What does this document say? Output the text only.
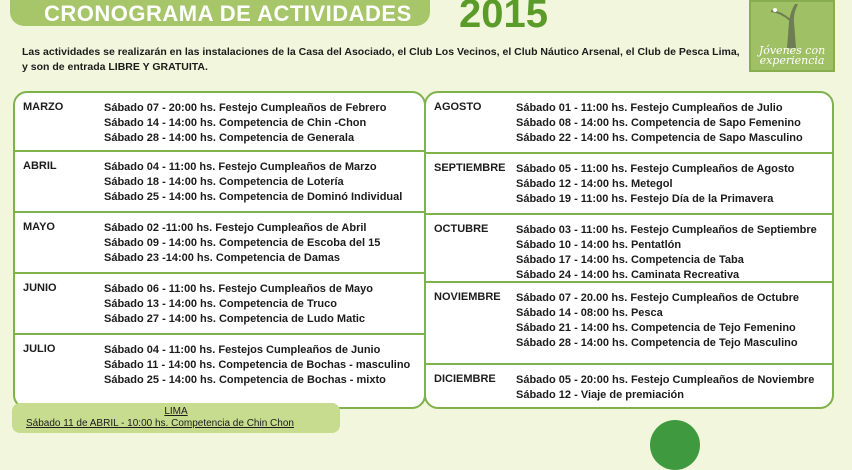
CRONOGRAMA DE ACTIVIDADES 2015
Jóvenes con
experiencia
Las actividades se realizarán en las instalaciones de la Casa del Asociado, el Club Los Vecinos, el Club Náutico Arsenal, el Club de Pesca Lima,
y son de entrada LIBRE Y GRATUITA.
MARZO	Sábado 07 - 20:00 hs. Festejo Cumpleaños de Febrero
Sábado 14 - 14:00 hs. Competencia de Chin -Chon
Sábado 28 - 14:00 hs. Competencia de Generala
ABRIL	Sábado 04 - 11:00 hs. Festejo Cumpleaños de Marzo
Sábado 18 - 14:00 hs. Competencia de Lotería
Sábado 25 - 14:00 hs. Competencia de Dominó Individual
MAYO	Sábado 02 -11:00 hs. Festejo Cumpleaños de Abril
Sábado 09 - 14:00 hs. Competencia de Escoba del 15
Sábado 23 -14:00 hs. Competencia de Damas
JUNIO	Sábado 06 - 11:00 hs. Festejo Cumpleaños de Mayo
Sábado 13 - 14:00 hs. Competencia de Truco
Sábado 27 - 14:00 hs. Competencia de Ludo Matic
JULIO	Sábado 04 - 11:00 hs. Festejos Cumpleaños de Junio
Sábado 11 - 14:00 hs. Competencia de Bochas - masculino
Sábado 25 - 14:00 hs. Competencia de Bochas - mixto
AGOSTO	Sábado 01 - 11:00 hs. Festejo Cumpleaños de Julio
Sábado 08 - 14:00 hs. Competencia de Sapo Femenino
Sábado 22 - 14:00 hs. Competencia de Sapo Masculino
SEPTIEMBRE Sábado 05 - 11:00 hs. Festejo Cumpleaños de Agosto
Sábado 12 - 14:00 hs. Metegol
Sábado 19 - 11:00 hs. Festejo Día de la Primavera
OCTUBRE	Sábado 03 - 11:00 hs. Festejo Cumpleaños de Septiembre
Sábado 10 - 14:00 hs. Pentatlón
Sábado 17 - 14:00 hs. Competencia de Taba
Sábado 24 - 14:00 hs. Caminata Recreativa
NOVIEMBRE Sábado 07 - 20.00 hs. Festejo Cumpleaños de Octubre
Sábado 14 - 08:00 hs. Pesca
Sábado 21 - 14:00 hs. Competencia de Tejo Femenino
Sábado 28 - 14:00 hs. Competencia de Tejo Masculino
DICIEMBRE Sábado 05 - 20:00 hs. Festejo Cumpleaños de Noviembre
Sábado 12 - Viaje de premiación
LIMA
Sábado 11 de ABRIL - 10:00 hs. Competencia de Chin Chon
